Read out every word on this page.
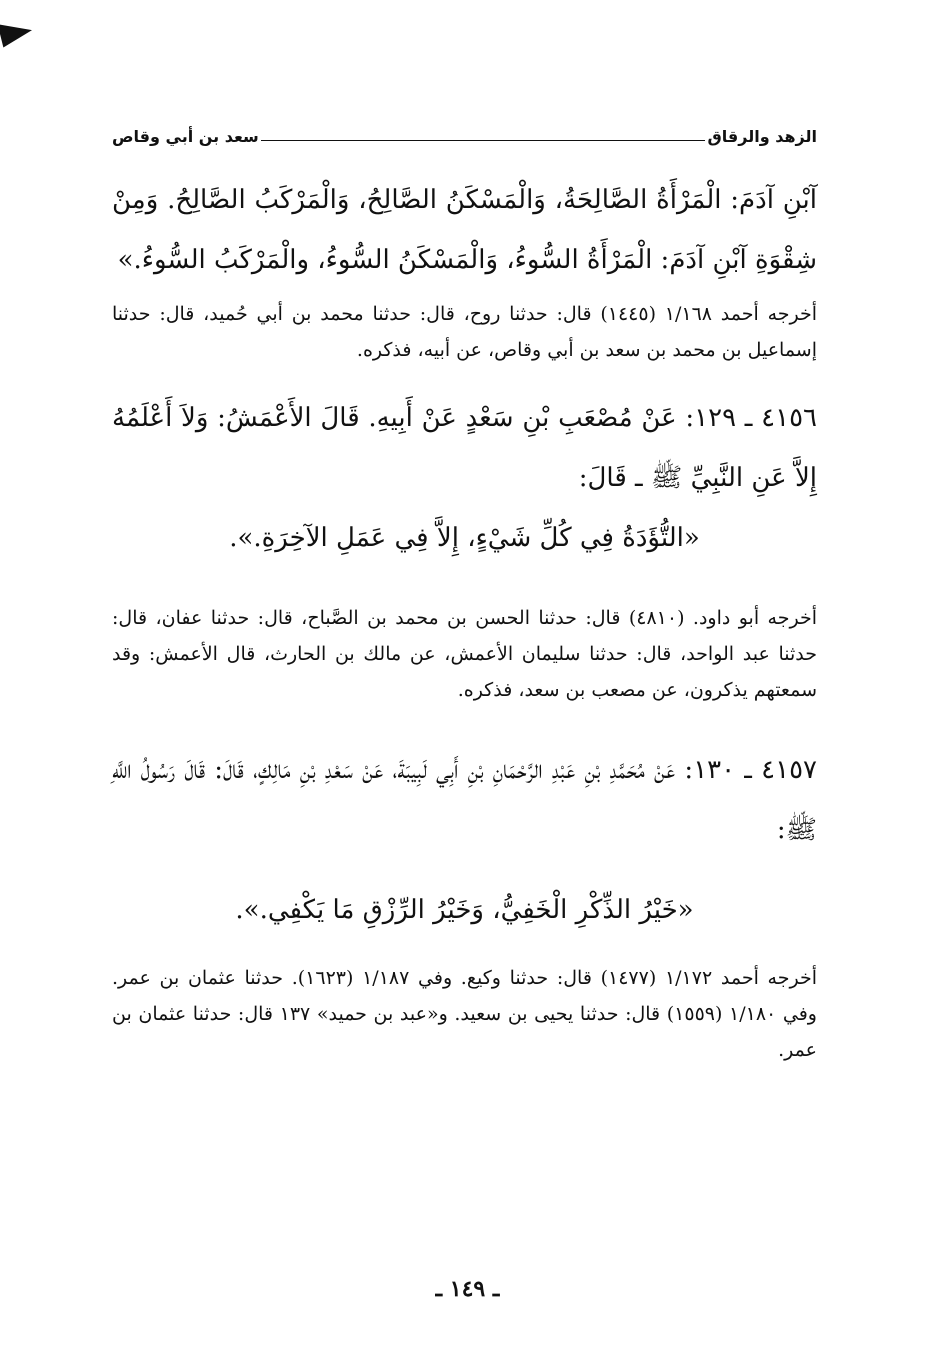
الزهد والرقاق
سعد بن أبي وقاص

آبْنِ آدَمَ: الْمَرْأَةُ الصَّالِحَةُ، وَالْمَسْكَنُ الصَّالِحُ، وَالْمَرْكَبُ الصَّالِحُ. وَمِنْ شِقْوَةِ آبْنِ آدَمَ: الْمَرْأَةُ السُّوءُ، وَالْمَسْكَنُ السُّوءُ، والْمَرْكَبُ السُّوءُ.»

أخرجه أحمد ١/١٦٨ (١٤٤٥) قال: حدثنا روح، قال: حدثنا محمد بن أبي حُميد، قال: حدثنا إسماعيل بن محمد بن سعد بن أبي وقاص، عن أبيه، فذكره.

٤١٥٦ ـ ١٢٩: عَنْ مُصْعَبِ بْنِ سَعْدٍ عَنْ أَبِيهِ. قَالَ الأَعْمَشُ: وَلاَ أَعْلَمُهُ إِلاَّ عَنِ النَّبِيِّ ﷺ ـ قَالَ:

«التُّؤَدَةُ فِي كُلِّ شَيْءٍ، إِلاَّ فِي عَمَلِ الآخِرَةِ.».

أخرجه أبو داود. (٤٨١٠) قال: حدثنا الحسن بن محمد بن الصَّباح، قال: حدثنا عفان، قال: حدثنا عبد الواحد، قال: حدثنا سليمان الأعمش، عن مالك بن الحارث، قال الأعمش: وقد سمعتهم يذكرون، عن مصعب بن سعد، فذكره.

٤١٥٧ ـ ١٣٠: عَنْ مُحَمَّدِ بْنِ عَبْدِ الرَّحْمَانِ بْنِ أَبِي لَبِيبَةَ، عَنْ سَعْدِ بْنِ مَالِكٍ، قَالَ: قَالَ رَسُولُ اللَّهِ ﷺ:

«خَيْرُ الذِّكْرِ الْخَفِيُّ، وَخَيْرُ الرِّزْقِ مَا يَكْفِي.».

أخرجه أحمد ١/١٧٢ (١٤٧٧) قال: حدثنا وكيع. وفي ١/١٨٧ (١٦٢٣). حدثنا عثمان بن عمر. وفي ١/١٨٠ (١٥٥٩) قال: حدثنا يحيى بن سعيد. و«عبد بن حميد» ١٣٧ قال: حدثنا عثمان بن عمر.

ـ ١٤٩ ـ
